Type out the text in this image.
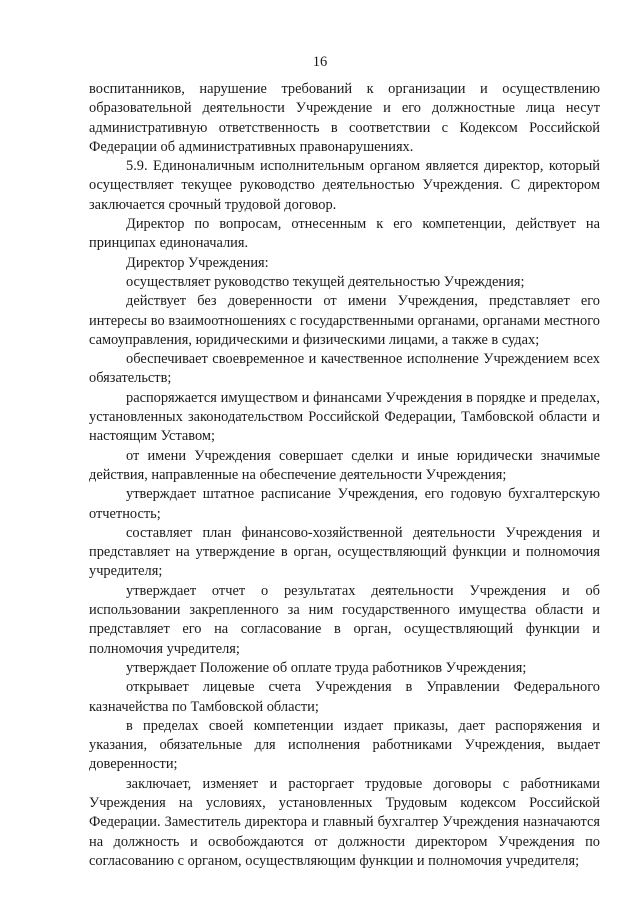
16

воспитанников, нарушение требований к организации и осуществлению образовательной деятельности Учреждение и его должностные лица несут административную ответственность в соответствии с Кодексом Российской Федерации об административных правонарушениях.

5.9. Единоналичным исполнительным органом является директор, который осуществляет текущее руководство деятельностью Учреждения. С директором заключается срочный трудовой договор.

Директор по вопросам, отнесенным к его компетенции, действует на принципах единоначалия.

Директор Учреждения:

осуществляет руководство текущей деятельностью Учреждения;

действует без доверенности от имени Учреждения, представляет его интересы во взаимоотношениях с государственными органами, органами местного самоуправления, юридическими и физическими лицами, а также в судах;

обеспечивает своевременное и качественное исполнение Учреждением всех обязательств;

распоряжается имуществом и финансами Учреждения в порядке и пределах, установленных законодательством Российской Федерации, Тамбовской области и настоящим Уставом;

от имени Учреждения совершает сделки и иные юридически значимые действия, направленные на обеспечение деятельности Учреждения;

утверждает штатное расписание Учреждения, его годовую бухгалтерскую отчетность;

составляет план финансово-хозяйственной деятельности Учреждения и представляет на утверждение в орган, осуществляющий функции и полномочия учредителя;

утверждает отчет о результатах деятельности Учреждения и об использовании закрепленного за ним государственного имущества области и представляет его на согласование в орган, осуществляющий функции и полномочия учредителя;

утверждает Положение об оплате труда работников Учреждения;

открывает лицевые счета Учреждения в Управлении Федерального казначейства по Тамбовской области;

в пределах своей компетенции издает приказы, дает распоряжения и указания, обязательные для исполнения работниками Учреждения, выдает доверенности;

заключает, изменяет и расторгает трудовые договоры с работниками Учреждения на условиях, установленных Трудовым кодексом Российской Федерации. Заместитель директора и главный бухгалтер Учреждения назначаются на должность и освобождаются от должности директором Учреждения по согласованию с органом, осуществляющим функции и полномочия учредителя;
